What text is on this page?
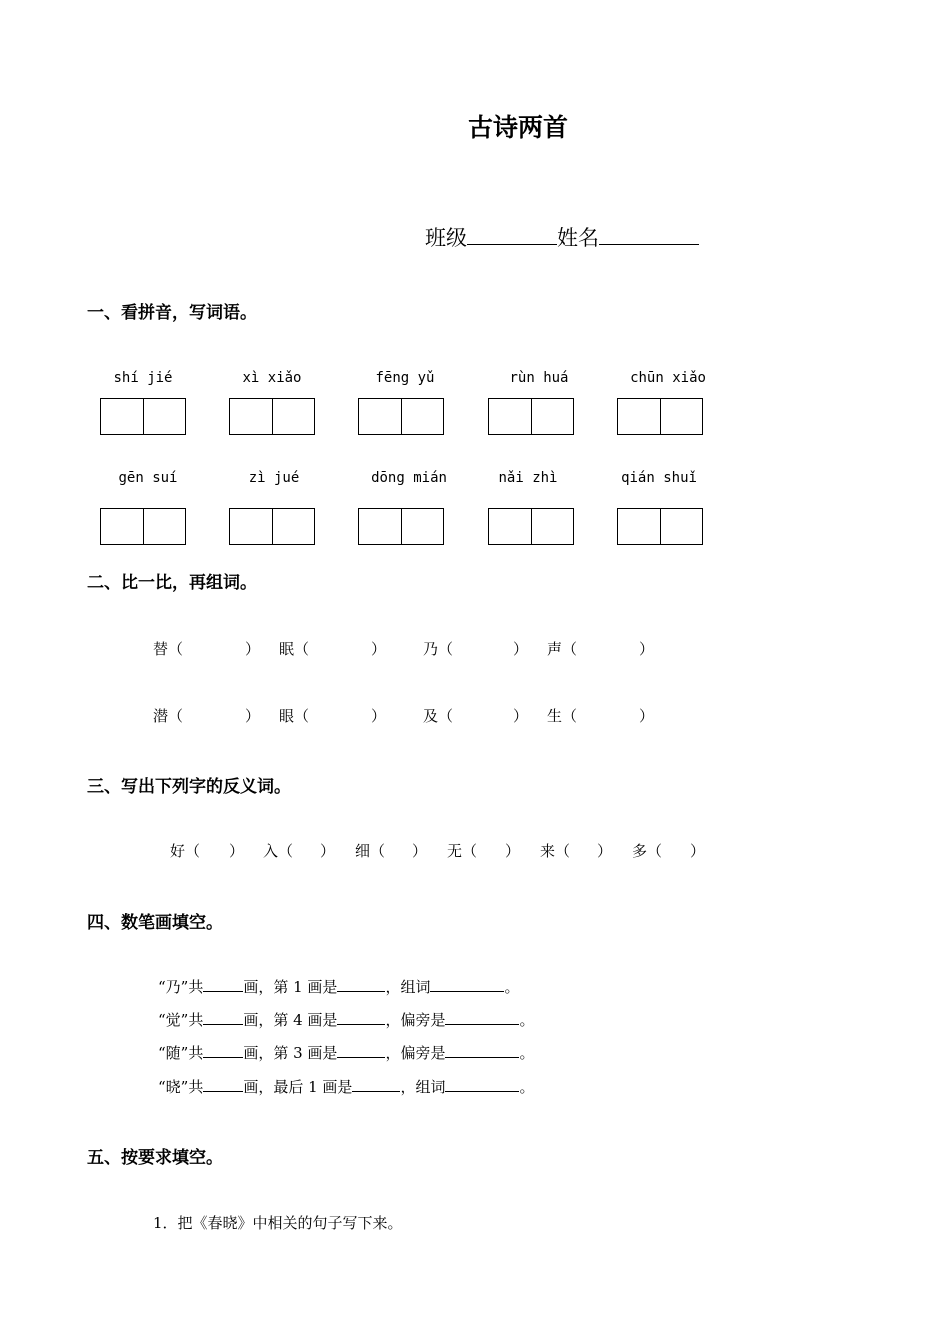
古诗两首
班级	姓名
一、看拼音，写词语。
shí jié	xì xiǎo	fēng yǔ	rùn huá	chūn xiǎo
gēn suí	zì jué	dōng mián	nǎi zhì	qián shuǐ
二、比一比，再组词。
替（	） 眠（	） 乃（	） 声（	）
潜（	） 眼（	） 及（	） 生（	）
三、写出下列字的反义词。
好（ ） 入（ ） 细（ ） 无（ ） 来（ ） 多（ ）
四、数笔画填空。
“乃”共	画，第 1 画是	，组词	。
“觉”共	画，第 4 画是	，偏旁是	。
“随”共	画，第 3 画是	，偏旁是	。
“晓”共	画，最后 1 画是	，组词	。
五、按要求填空。
1．把《春晓》中相关的句子写下来。
